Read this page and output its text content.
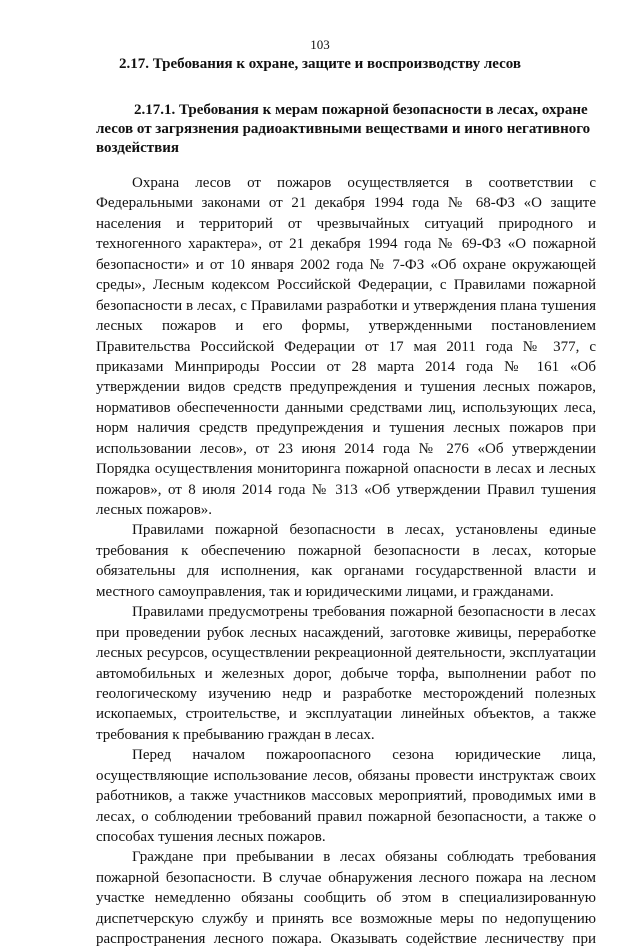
103
2.17. Требования к охране, защите и воспроизводству лесов
2.17.1. Требования к мерам пожарной безопасности в лесах, охране
лесов от загрязнения радиоактивными веществами и иного негативного
воздействия
Охрана лесов от пожаров осуществляется в соответствии с
Федеральными законами от 21 декабря 1994 года № 68-ФЗ «О защите
населения и территорий от чрезвычайных ситуаций природного и
техногенного характера», от 21 декабря 1994 года № 69-ФЗ «О пожарной
безопасности» и от 10 января 2002 года № 7-ФЗ «Об охране окружающей
среды», Лесным кодексом Российской Федерации, с Правилами пожарной
безопасности в лесах, с Правилами разработки и утверждения плана тушения
лесных пожаров и его формы, утвержденными постановлением
Правительства Российской Федерации от 17 мая 2011 года № 377, с
приказами Минприроды России от 28 марта 2014 года № 161 «Об
утверждении видов средств предупреждения и тушения лесных пожаров,
нормативов обеспеченности данными средствами лиц, использующих леса,
норм наличия средств предупреждения и тушения лесных пожаров при
использовании лесов», от 23 июня 2014 года № 276 «Об утверждении
Порядка осуществления мониторинга пожарной опасности в лесах и лесных
пожаров», от 8 июля 2014 года № 313 «Об утверждении Правил тушения
лесных пожаров».
Правилами пожарной безопасности в лесах, установлены единые
требования к обеспечению пожарной безопасности в лесах, которые
обязательны для исполнения, как органами государственной власти и
местного самоуправления, так и юридическими лицами, и гражданами.
Правилами предусмотрены требования пожарной безопасности в лесах
при проведении рубок лесных насаждений, заготовке живицы, переработке
лесных ресурсов, осуществлении рекреационной деятельности, эксплуатации
автомобильных и железных дорог, добыче торфа, выполнении работ по
геологическому изучению недр и разработке месторождений полезных
ископаемых, строительстве, и эксплуатации линейных объектов, а также
требования к пребыванию граждан в лесах.
Перед началом пожароопасного сезона юридические лица,
осуществляющие использование лесов, обязаны провести инструктаж своих
работников, а также участников массовых мероприятий, проводимых ими в
лесах, о соблюдении требований правил пожарной безопасности, а также о
способах тушения лесных пожаров.
Граждане при пребывании в лесах обязаны соблюдать требования
пожарной безопасности. В случае обнаружения лесного пожара на лесном
участке немедленно обязаны сообщить об этом в специализированную
диспетчерскую службу и принять все возможные меры по недопущению
распространения лесного пожара. Оказывать содействие лесничеству при
